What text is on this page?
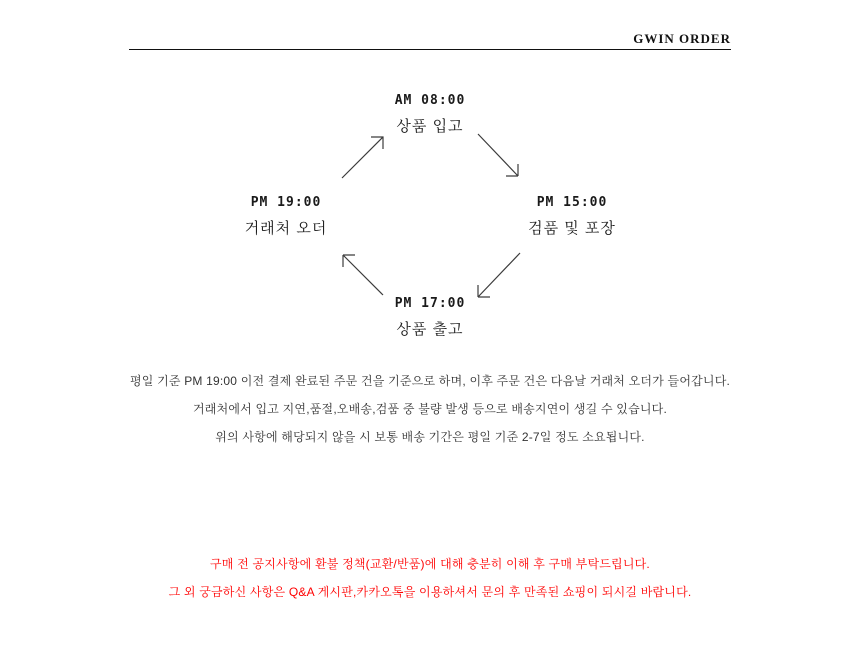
GWIN ORDER
AM 08:00
상품 입고
PM 15:00
검품 및 포장
PM 17:00
상품 출고
PM 19:00
거래처 오더
평일 기준 PM 19:00 이전 결제 완료된 주문 건을 기준으로 하며, 이후 주문 건은 다음날 거래처 오더가 들어갑니다.
거래처에서 입고 지연,품절,오배송,검품 중 불량 발생 등으로 배송지연이 생길 수 있습니다.
위의 사항에 해당되지 않을 시 보통 배송 기간은 평일 기준 2-7일 정도 소요됩니다.
구매 전 공지사항에 환불 정책(교환/반품)에 대해 충분히 이해 후 구매 부탁드립니다.
그 외 궁금하신 사항은 Q&A 게시판,카카오톡을 이용하셔서 문의 후 만족된 쇼핑이 되시길 바랍니다.
